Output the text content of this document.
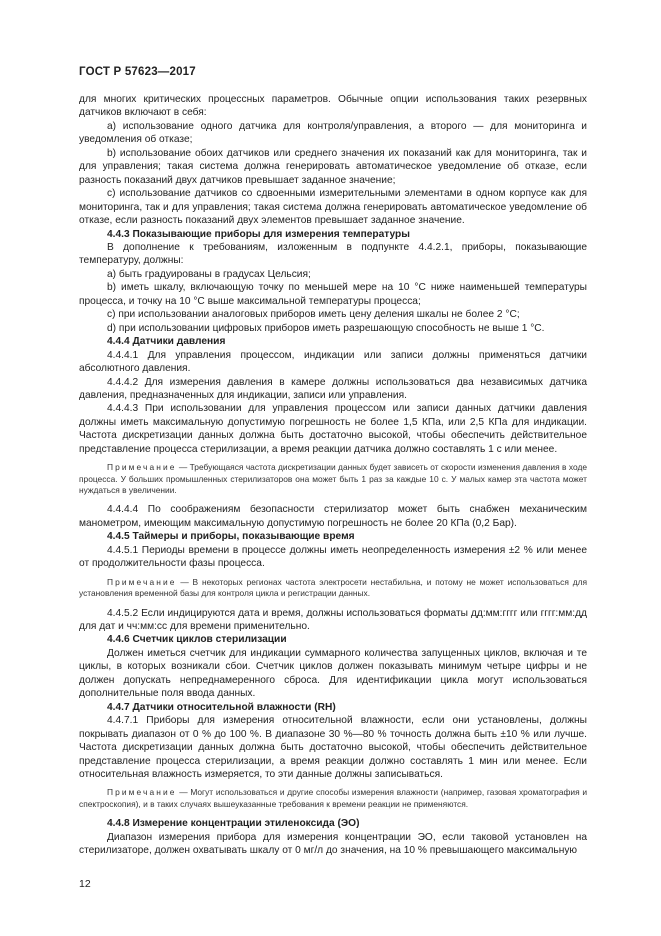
ГОСТ Р 57623—2017

для многих критических процессных параметров. Обычные опции использования таких резервных датчиков включают в себя:

а) использование одного датчика для контроля/управления, а второго — для мониторинга и уведомления об отказе;

b) использование обоих датчиков или среднего значения их показаний как для мониторинга, так и для управления; такая система должна генерировать автоматическое уведомление об отказе, если разность показаний двух датчиков превышает заданное значение;

c) использование датчиков со сдвоенными измерительными элементами в одном корпусе как для мониторинга, так и для управления; такая система должна генерировать автоматическое уведомление об отказе, если разность показаний двух элементов превышает заданное значение.

4.4.3 Показывающие приборы для измерения температуры

В дополнение к требованиям, изложенным в подпункте 4.4.2.1, приборы, показывающие температуру, должны:

а) быть градуированы в градусах Цельсия;

b) иметь шкалу, включающую точку по меньшей мере на 10 °С ниже наименьшей температуры процесса, и точку на 10 °С выше максимальной температуры процесса;

c) при использовании аналоговых приборов иметь цену деления шкалы не более 2 °С;

d) при использовании цифровых приборов иметь разрешающую способность не выше 1 °С.

4.4.4 Датчики давления

4.4.4.1 Для управления процессом, индикации или записи должны применяться датчики абсолютного давления.

4.4.4.2 Для измерения давления в камере должны использоваться два независимых датчика давления, предназначенных для индикации, записи или управления.

4.4.4.3 При использовании для управления процессом или записи данных датчики давления должны иметь максимальную допустимую погрешность не более 1,5 КПа, или 2,5 КПа для индикации. Частота дискретизации данных должна быть достаточно высокой, чтобы обеспечить действительное представление процесса стерилизации, а время реакции датчика должно составлять 1 с или менее.

Примечание — Требующаяся частота дискретизации данных будет зависеть от скорости изменения давления в ходе процесса. У больших промышленных стерилизаторов она может быть 1 раз за каждые 10 с. У малых камер эта частота может нуждаться в увеличении.

4.4.4.4 По соображениям безопасности стерилизатор может быть снабжен механическим манометром, имеющим максимальную допустимую погрешность не более 20 КПа (0,2 Бар).

4.4.5 Таймеры и приборы, показывающие время

4.4.5.1 Периоды времени в процессе должны иметь неопределенность измерения ±2 % или менее от продолжительности фазы процесса.

Примечание — В некоторых регионах частота электросети нестабильна, и потому не может использоваться для установления временной базы для контроля цикла и регистрации данных.

4.4.5.2 Если индицируются дата и время, должны использоваться форматы дд:мм:гггг или гггг:мм:дд для дат и чч:мм:сс для времени применительно.

4.4.6 Счетчик циклов стерилизации

Должен иметься счетчик для индикации суммарного количества запущенных циклов, включая и те циклы, в которых возникали сбои. Счетчик циклов должен показывать минимум четыре цифры и не должен допускать непреднамеренного сброса. Для идентификации цикла могут использоваться дополнительные поля ввода данных.

4.4.7 Датчики относительной влажности (RH)

4.4.7.1 Приборы для измерения относительной влажности, если они установлены, должны покрывать диапазон от 0 % до 100 %. В диапазоне 30 %—80 % точность должна быть ±10 % или лучше. Частота дискретизации данных должна быть достаточно высокой, чтобы обеспечить действительное представление процесса стерилизации, а время реакции должно составлять 1 мин или менее. Если относительная влажность измеряется, то эти данные должны записываться.

Примечание — Могут использоваться и другие способы измерения влажности (например, газовая хроматография и спектроскопия), и в таких случаях вышеуказанные требования к времени реакции не применяются.

4.4.8 Измерение концентрации этиленоксида (ЭО)

Диапазон измерения прибора для измерения концентрации ЭО, если таковой установлен на стерилизаторе, должен охватывать шкалу от 0 мг/л до значения, на 10 % превышающего максимальную

12
